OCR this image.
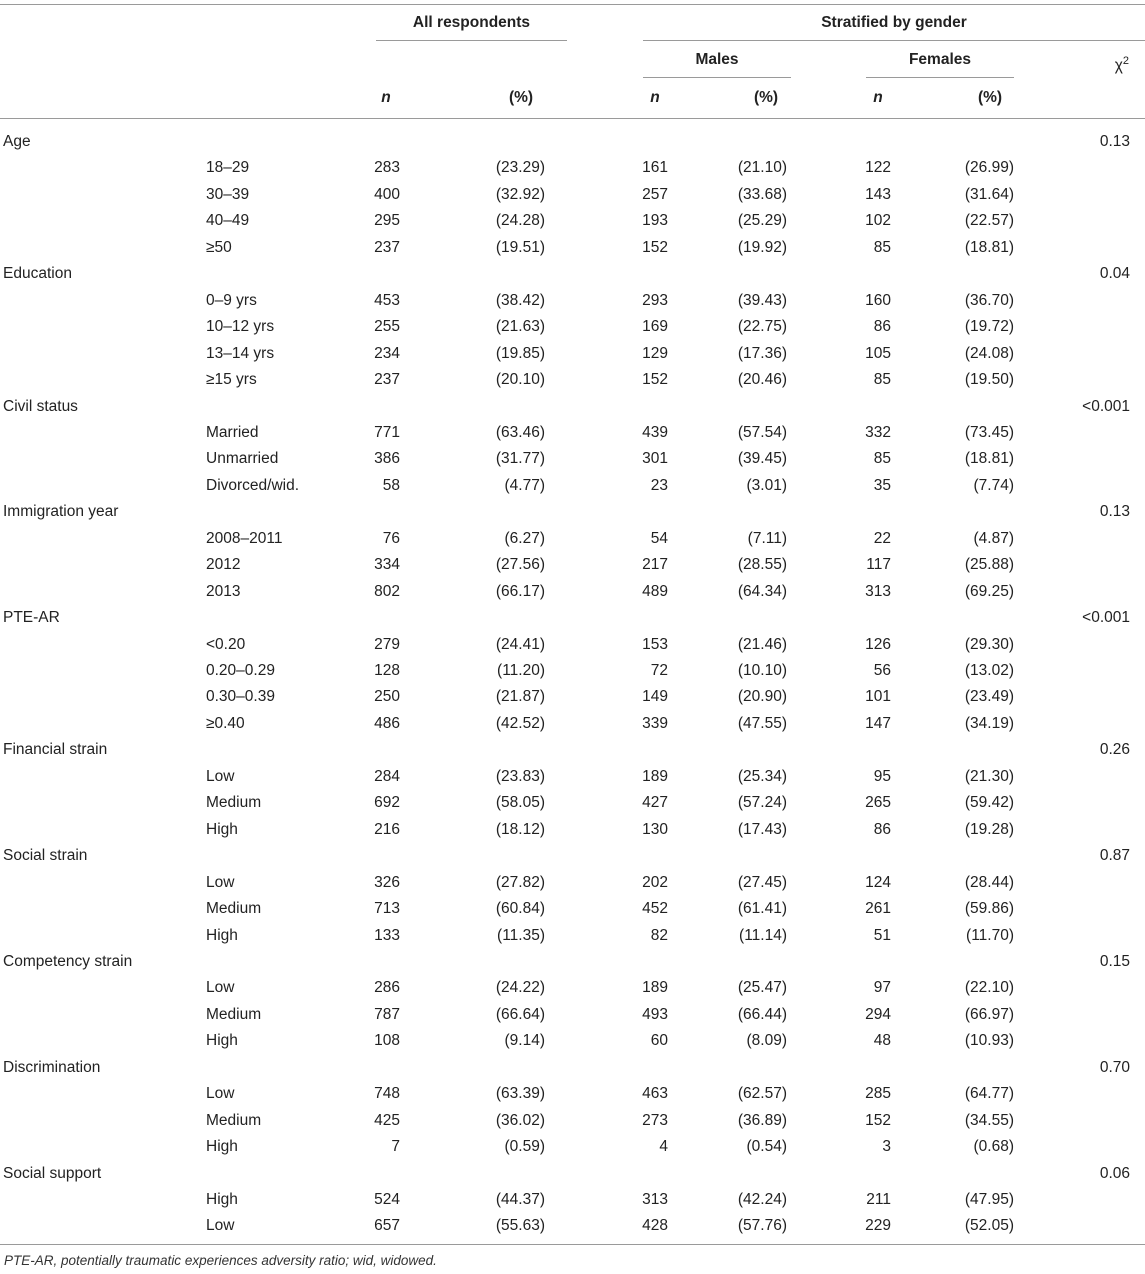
All respondents	Stratified by gender
Males	Females	$\chi^2$
n	(%)	n	(%)	n	(%)
Age	0.13
18–29	283	(23.29)	161	(21.10)	122	(26.99)
30–39	400	(32.92)	257	(33.68)	143	(31.64)
40–49	295	(24.28)	193	(25.29)	102	(22.57)
≥50	237	(19.51)	152	(19.92)	85	(18.81)
Education	0.04
0–9 yrs	453	(38.42)	293	(39.43)	160	(36.70)
10–12 yrs	255	(21.63)	169	(22.75)	86	(19.72)
13–14 yrs	234	(19.85)	129	(17.36)	105	(24.08)
≥15 yrs	237	(20.10)	152	(20.46)	85	(19.50)
Civil status	<0.001
Married	771	(63.46)	439	(57.54)	332	(73.45)
Unmarried	386	(31.77)	301	(39.45)	85	(18.81)
Divorced/wid.	58	(4.77)	23	(3.01)	35	(7.74)
Immigration year	0.13
2008–2011	76	(6.27)	54	(7.11)	22	(4.87)
2012	334	(27.56)	217	(28.55)	117	(25.88)
2013	802	(66.17)	489	(64.34)	313	(69.25)
PTE-AR	<0.001
<0.20	279	(24.41)	153	(21.46)	126	(29.30)
0.20–0.29	128	(11.20)	72	(10.10)	56	(13.02)
0.30–0.39	250	(21.87)	149	(20.90)	101	(23.49)
≥0.40	486	(42.52)	339	(47.55)	147	(34.19)
Financial strain	0.26
Low	284	(23.83)	189	(25.34)	95	(21.30)
Medium	692	(58.05)	427	(57.24)	265	(59.42)
High	216	(18.12)	130	(17.43)	86	(19.28)
Social strain	0.87
Low	326	(27.82)	202	(27.45)	124	(28.44)
Medium	713	(60.84)	452	(61.41)	261	(59.86)
High	133	(11.35)	82	(11.14)	51	(11.70)
Competency strain	0.15
Low	286	(24.22)	189	(25.47)	97	(22.10)
Medium	787	(66.64)	493	(66.44)	294	(66.97)
High	108	(9.14)	60	(8.09)	48	(10.93)
Discrimination	0.70
Low	748	(63.39)	463	(62.57)	285	(64.77)
Medium	425	(36.02)	273	(36.89)	152	(34.55)
High	7	(0.59)	4	(0.54)	3	(0.68)
Social support	0.06
High	524	(44.37)	313	(42.24)	211	(47.95)
Low	657	(55.63)	428	(57.76)	229	(52.05)
PTE-AR, potentially traumatic experiences adversity ratio; wid, widowed.
